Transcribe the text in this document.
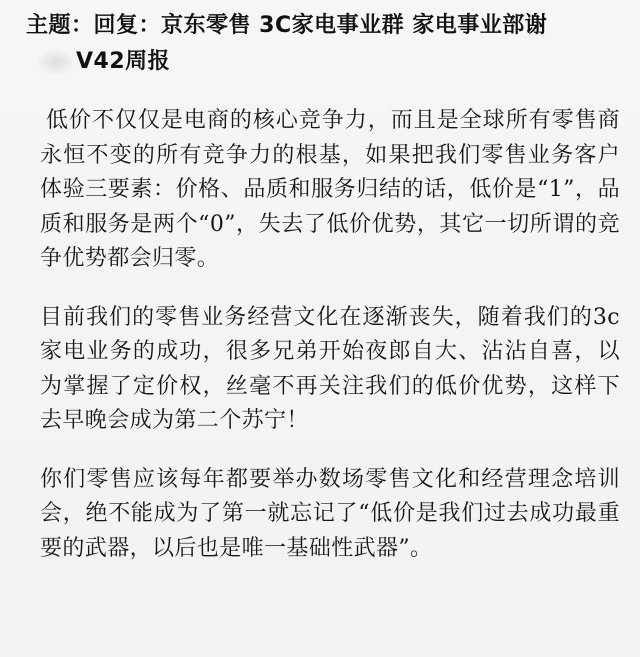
主题：回复：京东零售 3C家电事业群 家电事业部谢
V42周报

低价不仅仅是电商的核心竞争力，而且是全球所有零售商永恒不变的所有竞争力的根基，如果把我们零售业务客户体验三要素：价格、品质和服务归结的话，低价是“1”，品质和服务是两个“0”，失去了低价优势，其它一切所谓的竞争优势都会归零。

目前我们的零售业务经营文化在逐渐丧失，随着我们的3c家电业务的成功，很多兄弟开始夜郎自大、沾沾自喜，以为掌握了定价权，丝毫不再关注我们的低价优势，这样下去早晚会成为第二个苏宁！

你们零售应该每年都要举办数场零售文化和经营理念培训会，绝不能成为了第一就忘记了“低价是我们过去成功最重要的武器，以后也是唯一基础性武器”。
